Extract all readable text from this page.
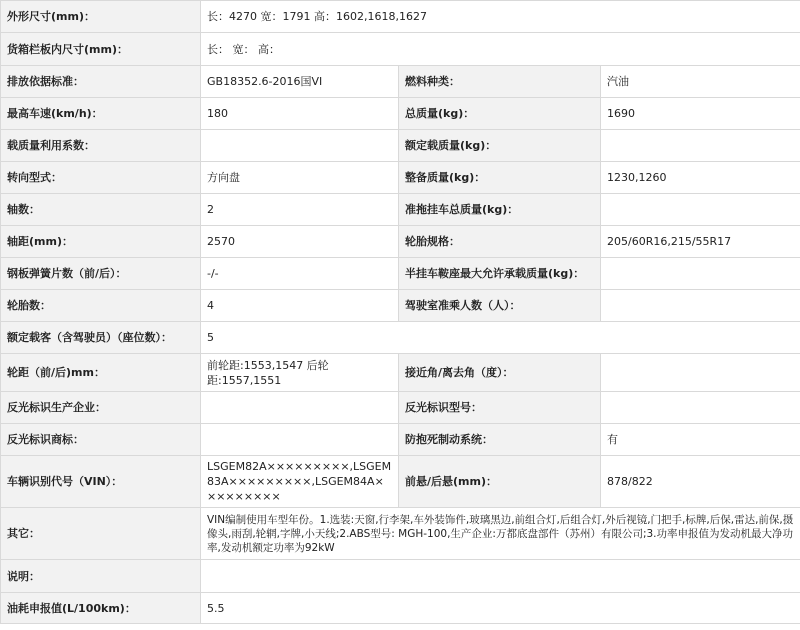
外形尺寸(mm)：	长：4270 宽：1791 高：1602,1618,1627		
货箱栏板内尺寸(mm)：	长： 宽： 高：		
排放依据标准：	GB18352.6-2016国VI	燃料种类：	汽油
最高车速(km/h)：	180	总质量(kg)：	1690
载质量利用系数：		额定载质量(kg)：	
转向型式：	方向盘	整备质量(kg)：	1230,1260
轴数：	2	准拖挂车总质量(kg)：	
轴距(mm)：	2570	轮胎规格：	205/60R16,215/55R17
钢板弹簧片数（前/后）：	-/-	半挂车鞍座最大允许承载质量(kg)：	
轮胎数：	4	驾驶室准乘人数（人）：	
额定载客（含驾驶员）（座位数）：	5		
轮距（前/后)mm：	前轮距:1553,1547 后轮距:1557,1551	接近角/离去角（度）：	
反光标识生产企业：		反光标识型号：	
反光标识商标：		防抱死制动系统：	有
车辆识别代号（VIN）：	LSGEM82A×××××××××,LSGEM83A×××××××××,LSGEM84A×××××××××	前悬/后悬(mm)：	878/822
其它：	VIN编制使用车型年份。1.选装:天窗,行李架,车外装饰件,玻璃黑边,前组合灯,后组合灯,外后视镜,门把手,标牌,后保,雷达,前保,摄像头,雨刮,轮辋,字牌,小天线;2.ABS型号: MGH-100,生产企业:万都底盘部件（苏州）有限公司;3.功率申报值为发动机最大净功率,发动机额定功率为92kW		
说明：			
油耗申报值(L/100km)：	5.5		
